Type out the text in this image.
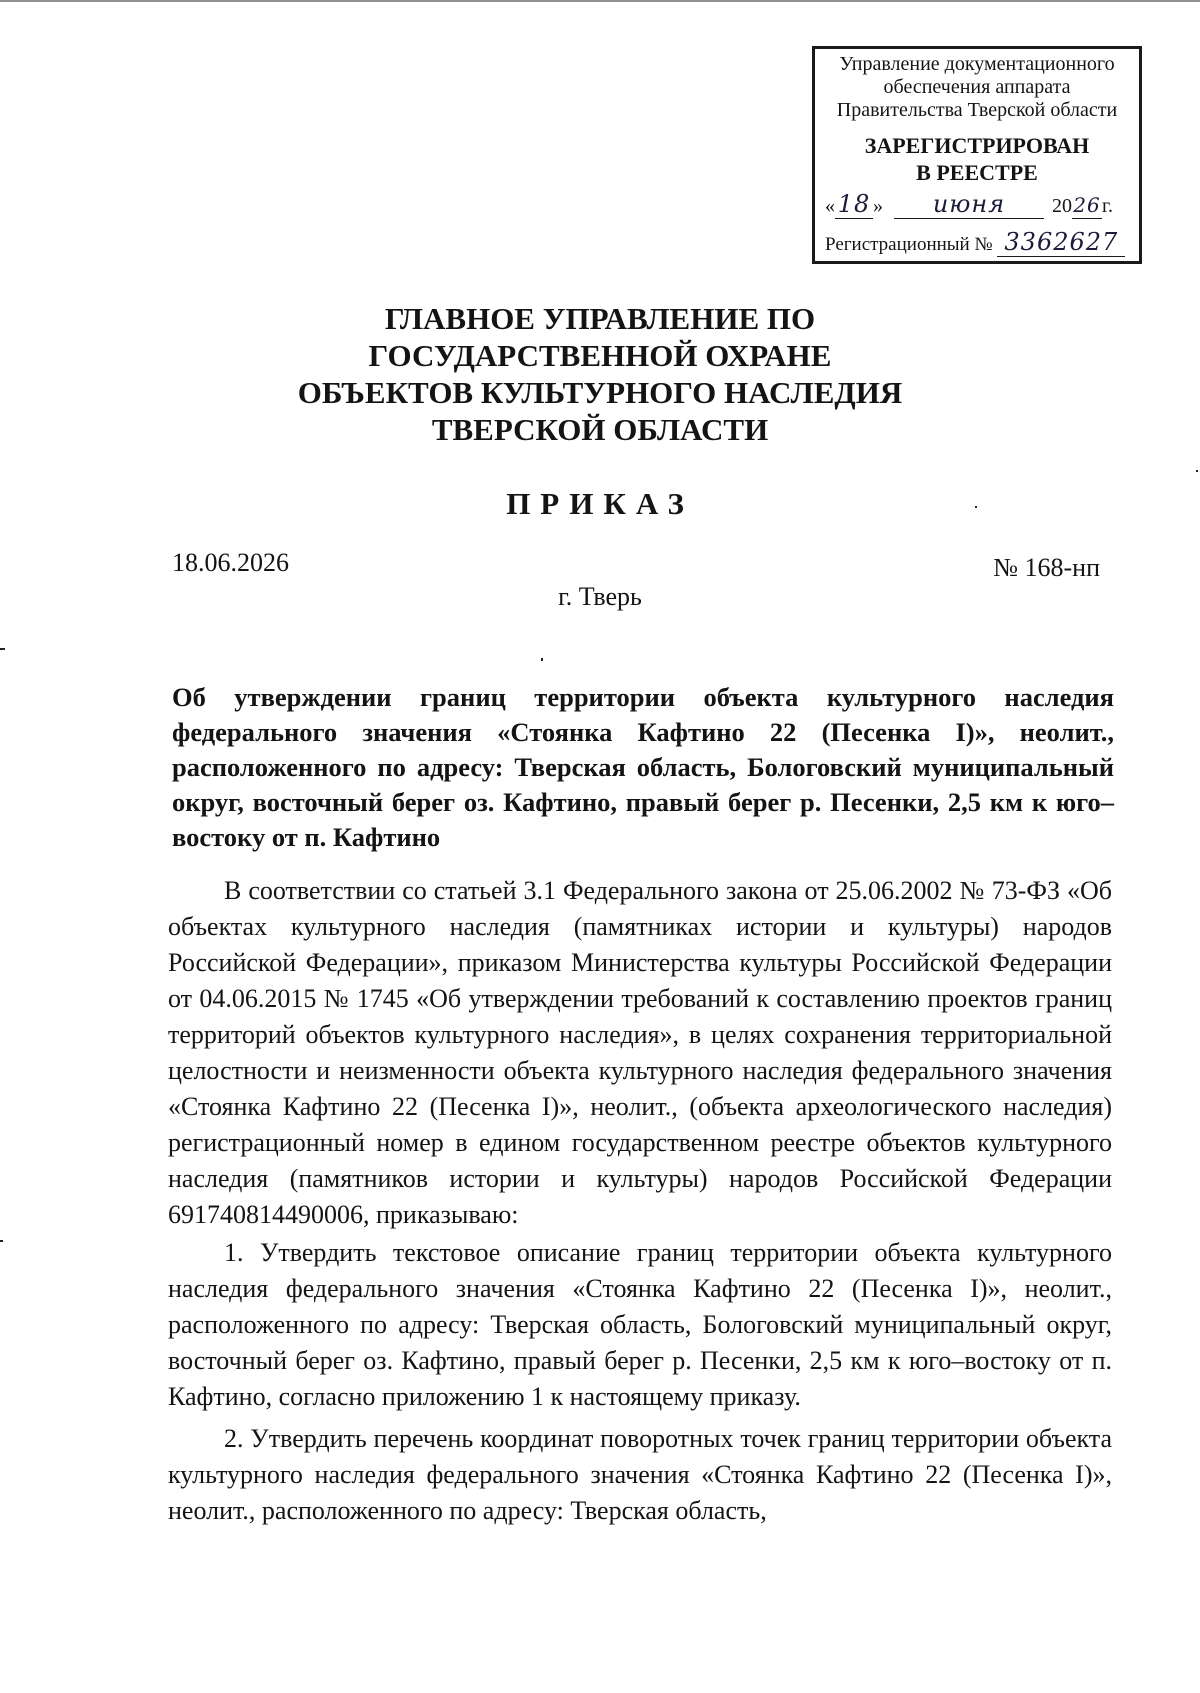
Управление документационного
обеспечения аппарата
Правительства Тверской области
ЗАРЕГИСТРИРОВАН
В РЕЕСТРЕ
« 18 » июня 2026г.
Регистрационный № 3362627
ГЛАВНОЕ УПРАВЛЕНИЕ ПО
ГОСУДАРСТВЕННОЙ ОХРАНЕ
ОБЪЕКТОВ КУЛЬТУРНОГО НАСЛЕДИЯ
ТВЕРСКОЙ ОБЛАСТИ
ПРИКАЗ
18.06.2026	№ 168-нп
г. Тверь
Об утверждении границ территории объекта культурного наследия федерального значения «Стоянка Кафтино 22 (Песенка I)», неолит., расположенного по адресу: Тверская область, Бологовский муниципальный округ, восточный берег оз. Кафтино, правый берег р. Песенки, 2,5 км к юго–востоку от п. Кафтино

В соответствии со статьей 3.1 Федерального закона от 25.06.2002 № 73-ФЗ «Об объектах культурного наследия (памятниках истории и культуры) народов Российской Федерации», приказом Министерства культуры Российской Федерации от 04.06.2015 № 1745 «Об утверждении требований к составлению проектов границ территорий объектов культурного наследия», в целях сохранения территориальной целостности и неизменности объекта культурного наследия федерального значения «Стоянка Кафтино 22 (Песенка I)», неолит., (объекта археологического наследия) регистрационный номер в едином государственном реестре объектов культурного наследия (памятников истории и культуры) народов Российской Федерации 691740814490006, приказываю:

1. Утвердить текстовое описание границ территории объекта культурного наследия федерального значения «Стоянка Кафтино 22 (Песенка I)», неолит., расположенного по адресу: Тверская область, Бологовский муниципальный округ, восточный берег оз. Кафтино, правый берег р. Песенки, 2,5 км к юго–востоку от п. Кафтино, согласно приложению 1 к настоящему приказу.

2. Утвердить перечень координат поворотных точек границ территории объекта культурного наследия федерального значения «Стоянка Кафтино 22 (Песенка I)», неолит., расположенного по адресу: Тверская область,
